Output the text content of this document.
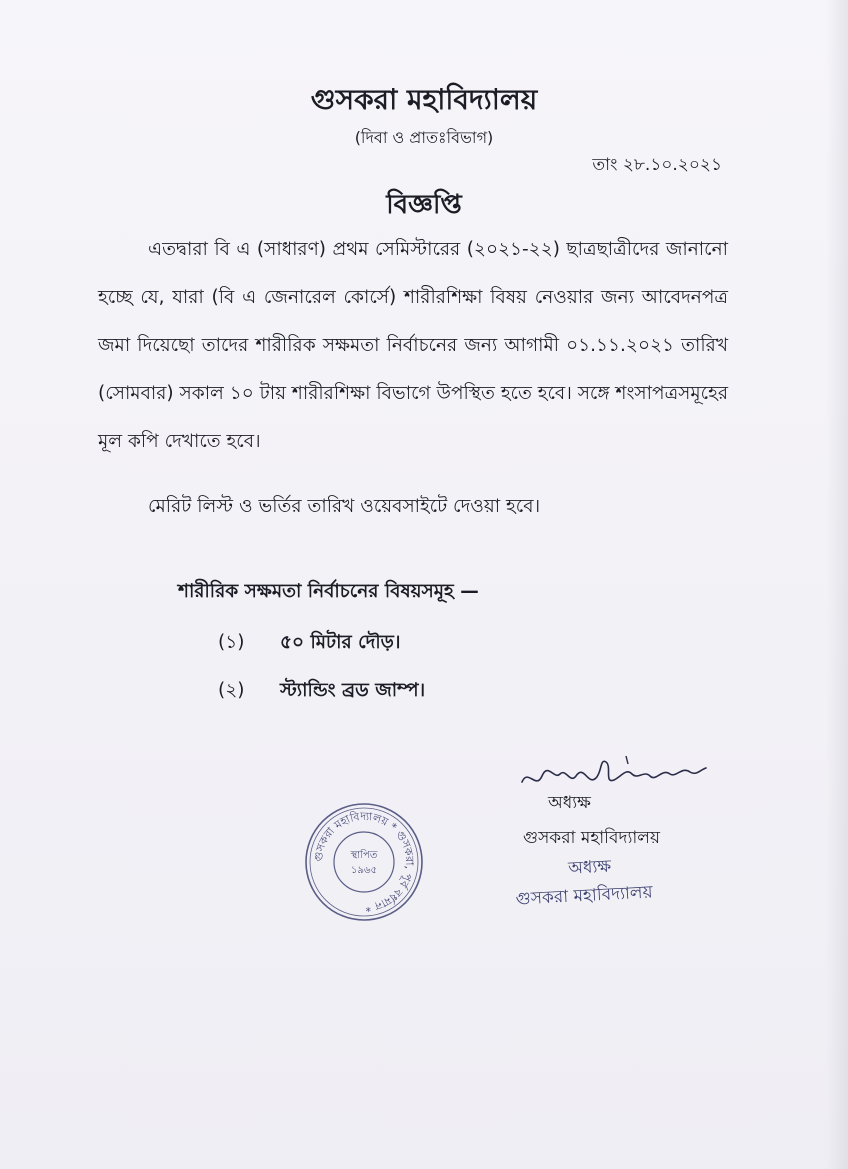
গুসকরা মহাবিদ্যালয়
(দিবা ও প্রাতঃবিভাগ)
তাং ২৮.১০.২০২১
বিজ্ঞপ্তি

এতদ্বারা বি এ (সাধারণ) প্রথম সেমিস্টারের (২০২১-২২) ছাত্রছাত্রীদের জানানো হচ্ছে যে, যারা (বি এ জেনারেল কোর্সে) শারীরশিক্ষা বিষয় নেওয়ার জন্য আবেদনপত্র জমা দিয়েছো তাদের শারীরিক সক্ষমতা নির্বাচনের জন্য আগামী ০১.১১.২০২১ তারিখ (সোমবার) সকাল ১০ টায় শারীরশিক্ষা বিভাগে উপস্থিত হতে হবে। সঙ্গে শংসাপত্রসমূহের মূল কপি দেখাতে হবে।

মেরিট লিস্ট ও ভর্তির তারিখ ওয়েবসাইটে দেওয়া হবে।
শারীরিক সক্ষমতা নির্বাচনের বিষয়সমূহ —
(১) ৫০ মিটার দৌড়।
(২) স্ট্যান্ডিং ব্রড জাম্প।
অধ্যক্ষ
গুসকরা মহাবিদ্যালয়
অধ্যক্ষ
গুসকরা মহাবিদ্যালয়
গুসকরা মহাবিদ্যালয় * গুসকরা, পূর্ব বর্ধমান *
স্থাপিত
১৯৬৫
